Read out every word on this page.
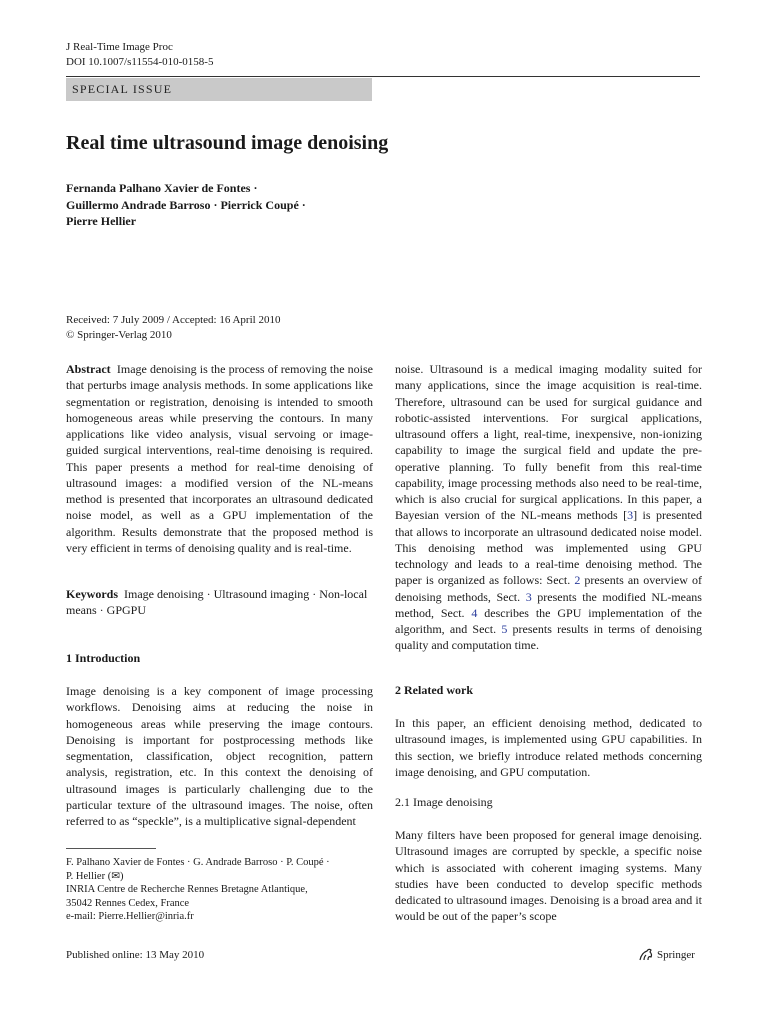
J Real-Time Image Proc
DOI 10.1007/s11554-010-0158-5
SPECIAL ISSUE
Real time ultrasound image denoising
Fernanda Palhano Xavier de Fontes ·
Guillermo Andrade Barroso · Pierrick Coupé ·
Pierre Hellier
Received: 7 July 2009 / Accepted: 16 April 2010
© Springer-Verlag 2010

Abstract Image denoising is the process of removing the noise that perturbs image analysis methods. In some applications like segmentation or registration, denoising is intended to smooth homogeneous areas while preserving the contours. In many applications like video analysis, visual servoing or image-guided surgical interventions, real-time denoising is required. This paper presents a method for real-time denoising of ultrasound images: a modified version of the NL-means method is presented that incorporates an ultrasound dedicated noise model, as well as a GPU implementation of the algorithm. Results demonstrate that the proposed method is very efficient in terms of denoising quality and is real-time.

Keywords Image denoising · Ultrasound imaging · Non-local means · GPGPU

1 Introduction

Image denoising is a key component of image processing workflows. Denoising aims at reducing the noise in homogeneous areas while preserving the image contours. Denoising is important for postprocessing methods like segmentation, classification, object recognition, pattern analysis, registration, etc. In this context the denoising of ultrasound images is particularly challenging due to the particular texture of the ultrasound images. The noise, often referred to as “speckle”, is a multiplicative signal-dependent

F. Palhano Xavier de Fontes · G. Andrade Barroso · P. Coupé ·
P. Hellier (✉)
INRIA Centre de Recherche Rennes Bretagne Atlantique,
35042 Rennes Cedex, France
e-mail: Pierre.Hellier@inria.fr

noise. Ultrasound is a medical imaging modality suited for many applications, since the image acquisition is real-time. Therefore, ultrasound can be used for surgical guidance and robotic-assisted interventions. For surgical applications, ultrasound offers a light, real-time, inexpensive, non-ionizing capability to image the surgical field and update the pre-operative planning. To fully benefit from this real-time capability, image processing methods also need to be real-time, which is also crucial for surgical applications. In this paper, a Bayesian version of the NL-means methods [3] is presented that allows to incorporate an ultrasound dedicated noise model. This denoising method was implemented using GPU technology and leads to a real-time denoising method. The paper is organized as follows: Sect. 2 presents an overview of denoising methods, Sect. 3 presents the modified NL-means method, Sect. 4 describes the GPU implementation of the algorithm, and Sect. 5 presents results in terms of denoising quality and computation time.

2 Related work

In this paper, an efficient denoising method, dedicated to ultrasound images, is implemented using GPU capabilities. In this section, we briefly introduce related methods concerning image denoising, and GPU computation.

2.1 Image denoising

Many filters have been proposed for general image denoising. Ultrasound images are corrupted by speckle, a specific noise which is associated with coherent imaging systems. Many studies have been conducted to develop specific methods dedicated to ultrasound images. Denoising is a broad area and it would be out of the paper’s scope

Published online: 13 May 2010	Springer
